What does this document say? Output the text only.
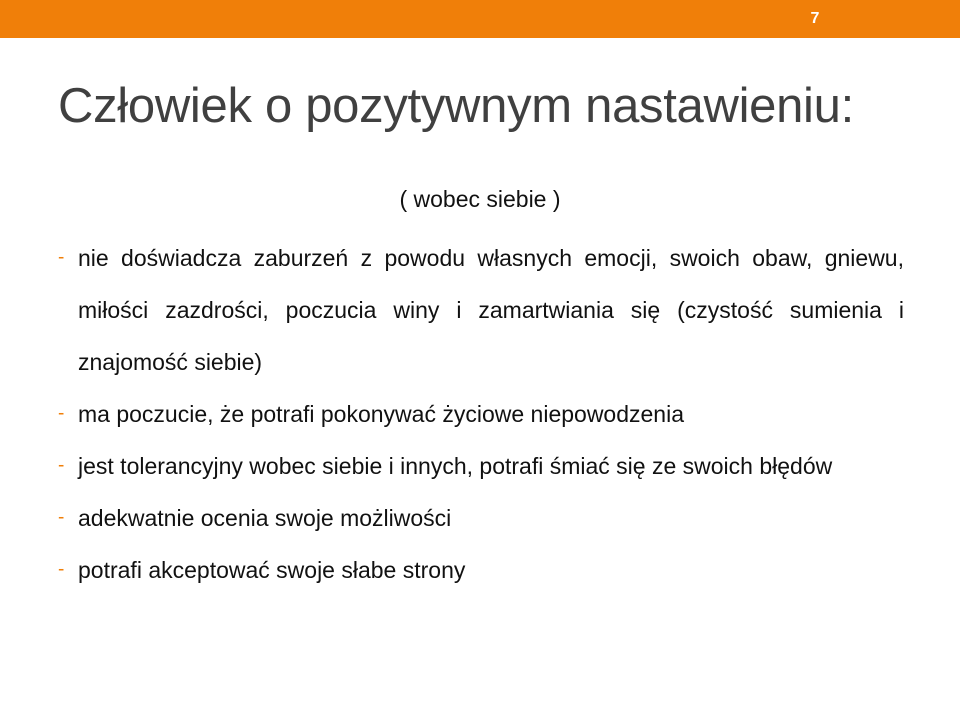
7
Człowiek o pozytywnym nastawieniu:
( wobec siebie )
- nie doświadcza zaburzeń z powodu własnych emocji, swoich obaw, gniewu, miłości zazdrości, poczucia winy i zamartwiania się (czystość sumienia i znajomość siebie)
- ma poczucie, że potrafi pokonywać życiowe niepowodzenia
- jest tolerancyjny wobec siebie i innych, potrafi śmiać się ze swoich błędów
- adekwatnie ocenia swoje możliwości
- potrafi akceptować swoje słabe strony
